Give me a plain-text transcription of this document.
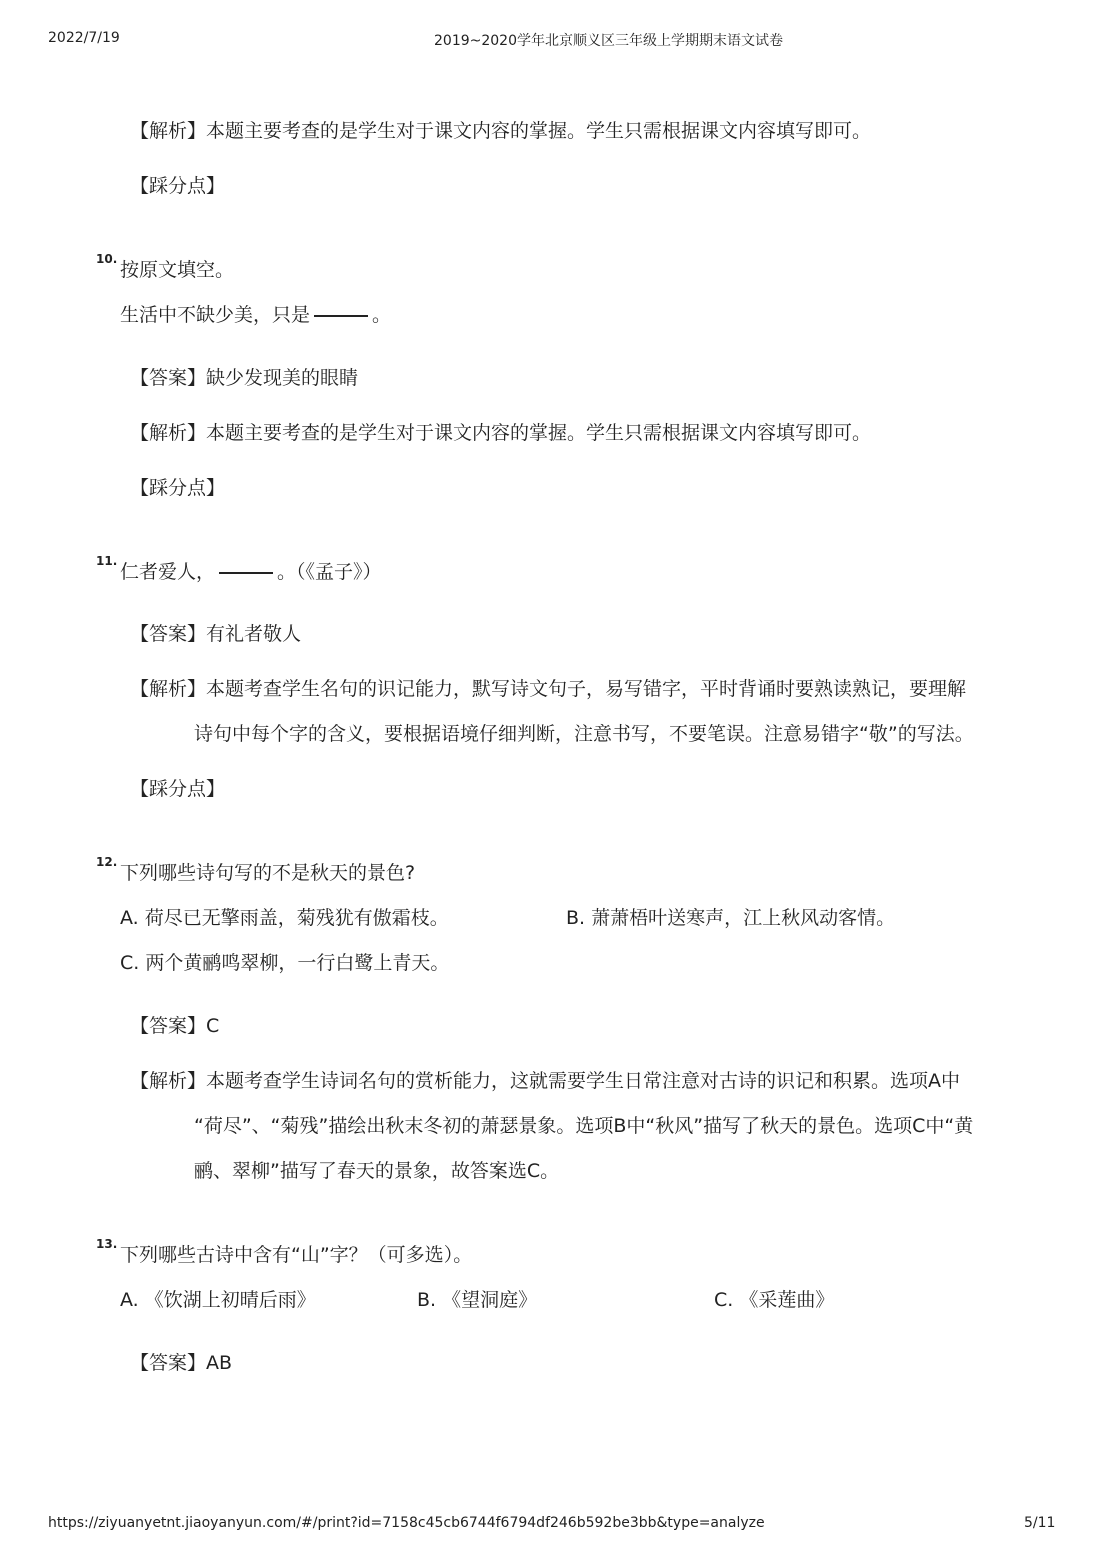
2022/7/19	2019~2020学年北京顺义区三年级上学期期末语文试卷
【解析】本题主要考查的是学生对于课文内容的掌握。学生只需根据课文内容填写即可。
【踩分点】
10. 按原文填空。
生活中不缺少美，只是	。
【答案】缺少发现美的眼睛
【解析】本题主要考查的是学生对于课文内容的掌握。学生只需根据课文内容填写即可。
【踩分点】
11. 仁者爱人，	。（《孟子》）
【答案】有礼者敬人
【解析】本题考查学生名句的识记能力，默写诗文句子，易写错字，平时背诵时要熟读熟记，要理解
诗句中每个字的含义，要根据语境仔细判断，注意书写，不要笔误。注意易错字“敬”的写法。
【踩分点】
12. 下列哪些诗句写的不是秋天的景色?
A. 荷尽已无擎雨盖，菊残犹有傲霜枝。	B. 萧萧梧叶送寒声，江上秋风动客情。
C. 两个黄鹂鸣翠柳，一行白鹭上青天。
【答案】C
【解析】本题考查学生诗词名句的赏析能力，这就需要学生日常注意对古诗的识记和积累。选项A中
“荷尽”、“菊残”描绘出秋末冬初的萧瑟景象。选项B中“秋风”描写了秋天的景色。选项C中“黄
鹂、翠柳”描写了春天的景象，故答案选C。
13. 下列哪些古诗中含有“山”字？（可多选）。
A. 《饮湖上初晴后雨》	B. 《望洞庭》	C. 《采莲曲》
【答案】AB
https://ziyuanyetnt.jiaoyanyun.com/#/print?id=7158c45cb6744f6794df246b592be3bb&type=analyze	5/11
